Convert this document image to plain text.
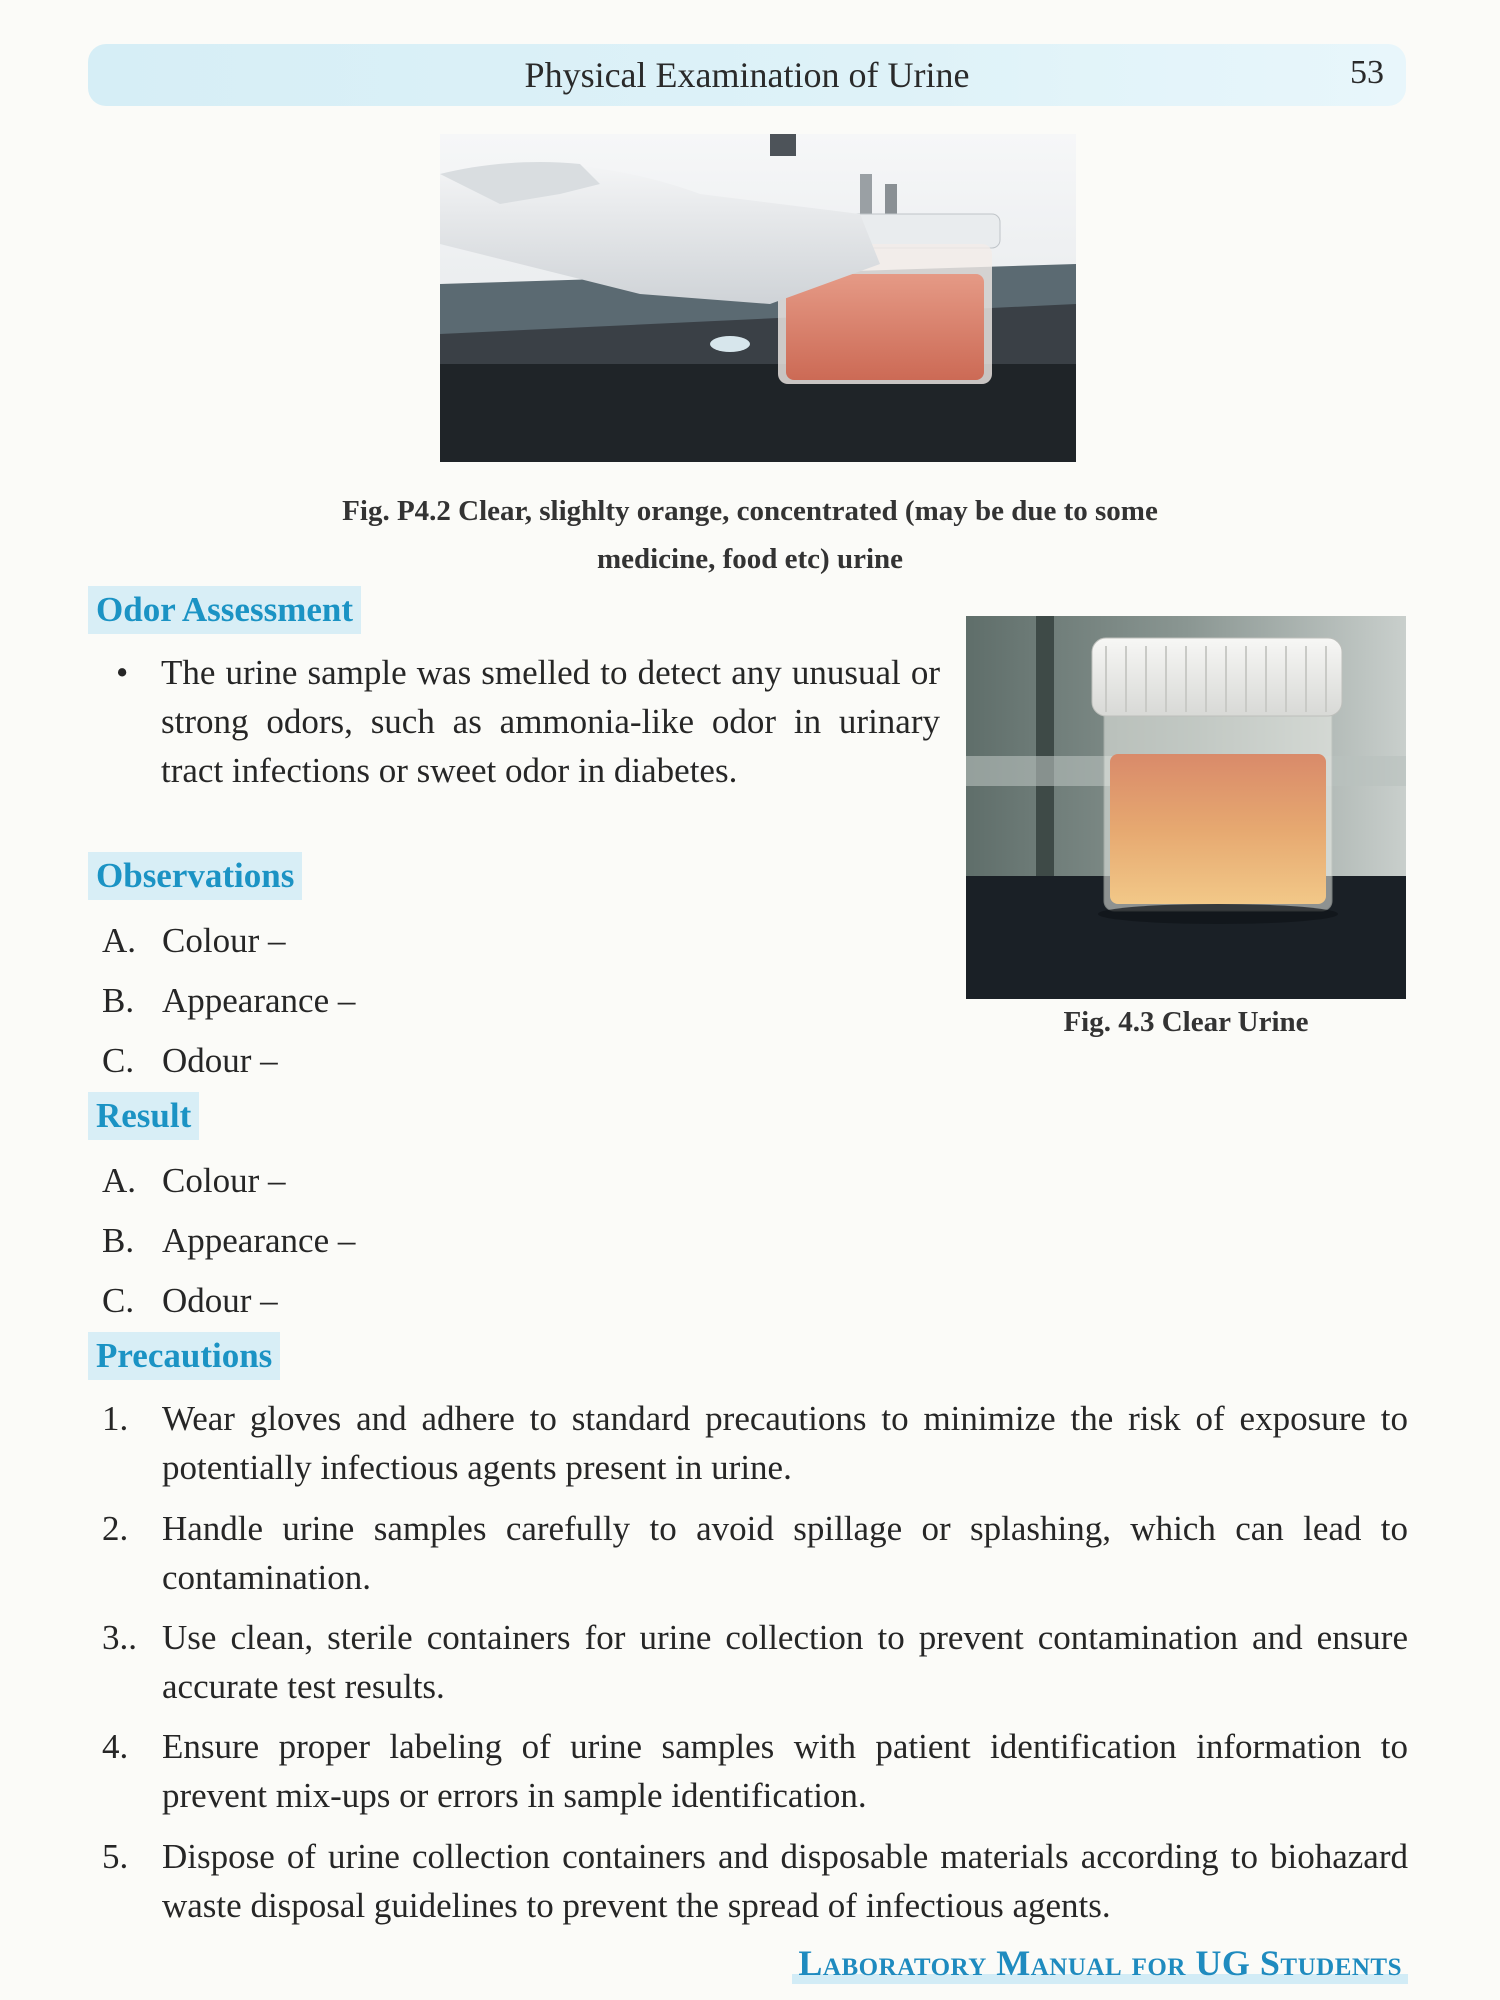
Physical Examination of Urine	53
Fig. P4.2 Clear, slighlty orange, concentrated (may be due to some
medicine, food etc) urine
Fig. 4.3 Clear Urine
Odor Assessment
• The urine sample was smelled to detect any unusual or strong odors, such as ammonia-like odor in urinary tract infections or sweet odor in diabetes.
Observations
A. Colour –
B. Appearance –
C. Odour –
Result
A. Colour –
B. Appearance –
C. Odour –
Precautions
1. Wear gloves and adhere to standard precautions to minimize the risk of exposure to potentially infectious agents present in urine.
2. Handle urine samples carefully to avoid spillage or splashing, which can lead to contamination.
3.. Use clean, sterile containers for urine collection to prevent contamination and ensure accurate test results.
4. Ensure proper labeling of urine samples with patient identification information to prevent mix-ups or errors in sample identification.
5. Dispose of urine collection containers and disposable materials according to biohazard waste disposal guidelines to prevent the spread of infectious agents.
Laboratory Manual for UG Students
